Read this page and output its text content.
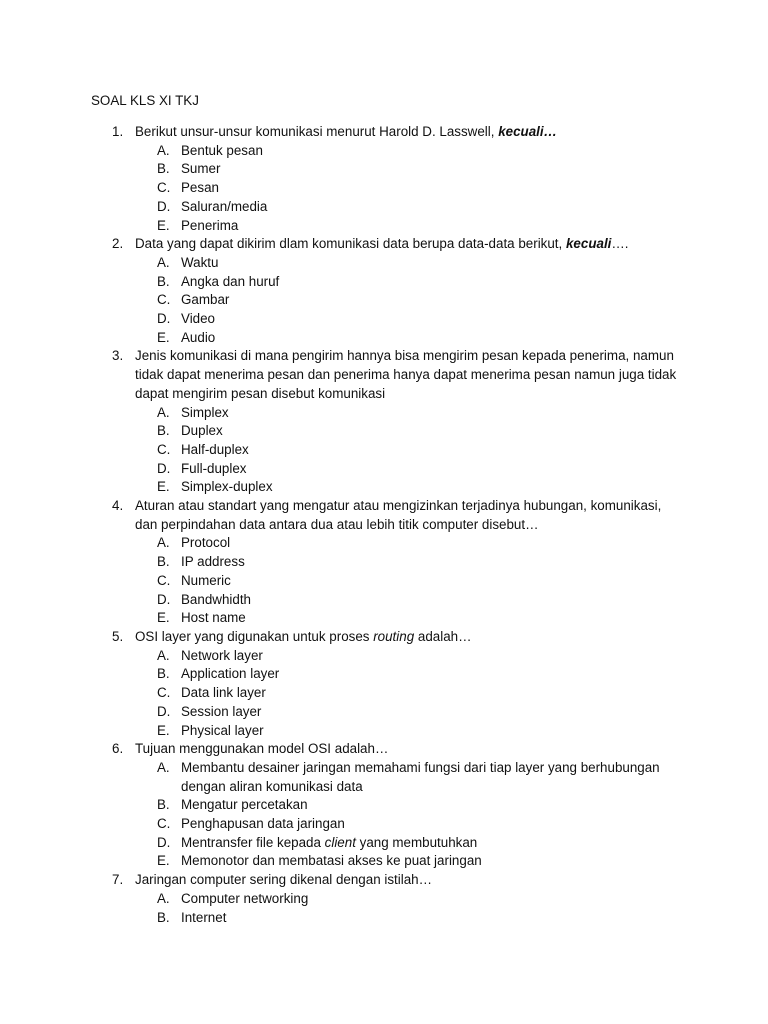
SOAL KLS XI TKJ
1. Berikut unsur-unsur komunikasi menurut Harold D. Lasswell, kecuali…
A. Bentuk pesan
B. Sumer
C. Pesan
D. Saluran/media
E. Penerima
2. Data yang dapat dikirim dlam komunikasi data berupa data-data berikut, kecuali….
A. Waktu
B. Angka dan huruf
C. Gambar
D. Video
E. Audio
3. Jenis komunikasi di mana pengirim hannya bisa mengirim pesan kepada penerima, namun tidak dapat menerima pesan dan penerima hanya dapat menerima pesan namun juga tidak dapat mengirim pesan disebut komunikasi
A. Simplex
B. Duplex
C. Half-duplex
D. Full-duplex
E. Simplex-duplex
4. Aturan atau standart yang mengatur atau mengizinkan terjadinya hubungan, komunikasi, dan perpindahan data antara dua atau lebih titik computer disebut…
A. Protocol
B. IP address
C. Numeric
D. Bandwhidth
E. Host name
5. OSI layer yang digunakan untuk proses routing adalah…
A. Network layer
B. Application layer
C. Data link layer
D. Session layer
E. Physical layer
6. Tujuan menggunakan model OSI adalah…
A. Membantu desainer jaringan memahami fungsi dari tiap layer yang berhubungan dengan aliran komunikasi data
B. Mengatur percetakan
C. Penghapusan data jaringan
D. Mentransfer file kepada client yang membutuhkan
E. Memonotor dan membatasi akses ke puat jaringan
7. Jaringan computer sering dikenal dengan istilah…
A. Computer networking
B. Internet
